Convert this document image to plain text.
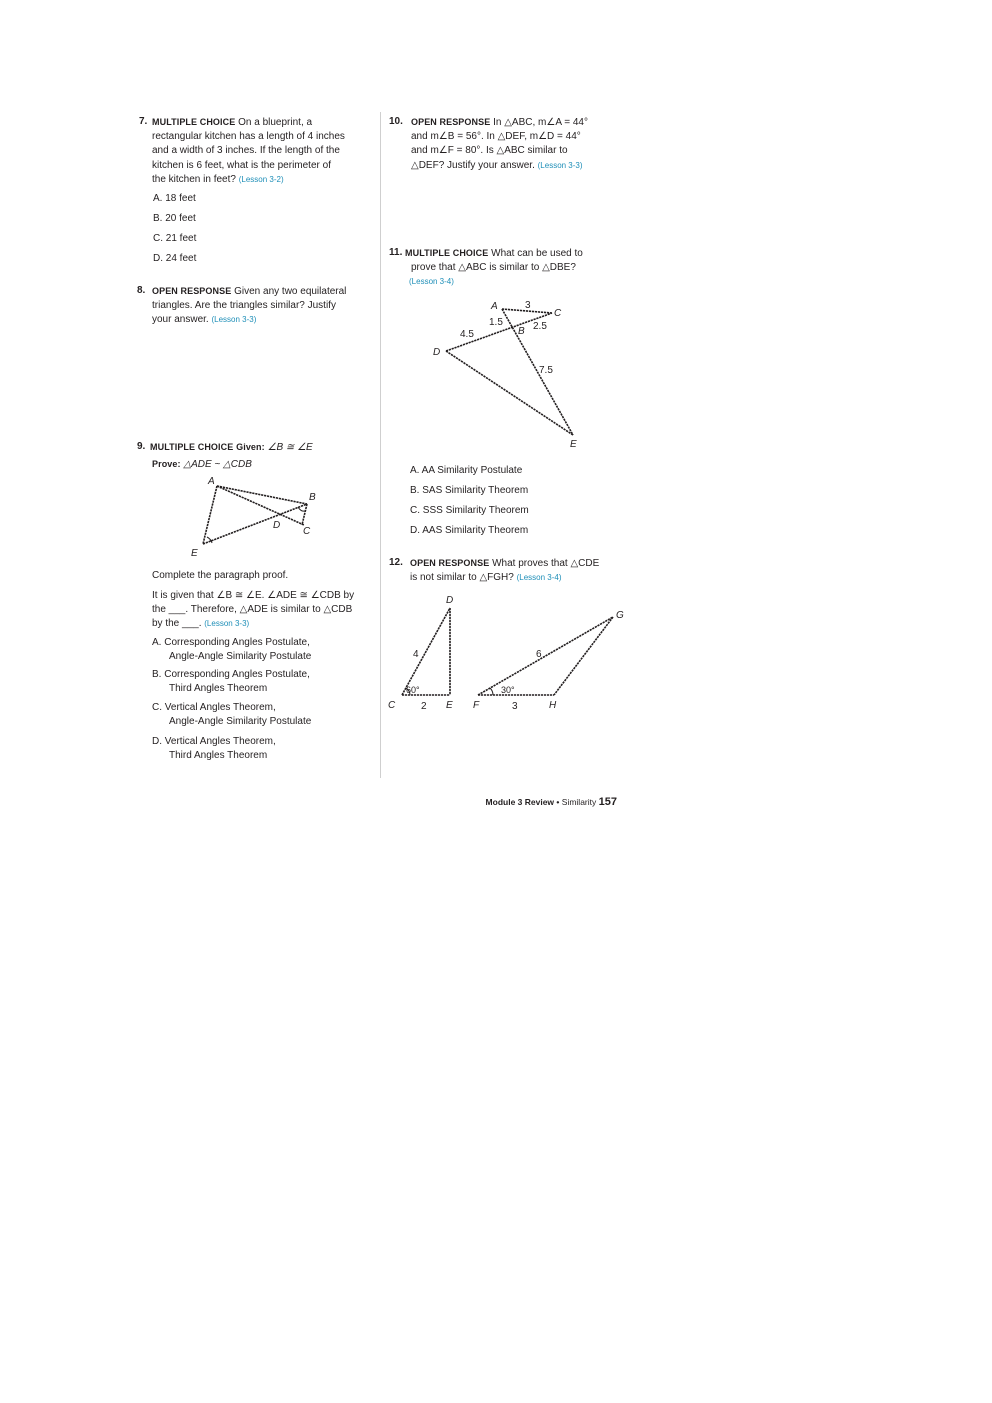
7. MULTIPLE CHOICE On a blueprint, a
rectangular kitchen has a length of 4 inches
and a width of 3 inches. If the length of the
kitchen is 6 feet, what is the perimeter of
the kitchen in feet? (Lesson 3-2)
A. 18 feet
B. 20 feet
C. 21 feet
D. 24 feet
8. OPEN RESPONSE Given any two equilateral
triangles. Are the triangles similar? Justify
your answer. (Lesson 3-3)
9. MULTIPLE CHOICE Given: ∠B ≅ ∠E
Prove: △ADE ~ △CDB
A
B
D
C
E
Complete the paragraph proof.
It is given that ∠B ≅ ∠E. ∠ADE ≅ ∠CDB by
the ___. Therefore, △ADE is similar to △CDB
by the ___. (Lesson 3-3)
A. Corresponding Angles Postulate,
Angle-Angle Similarity Postulate
B. Corresponding Angles Postulate,
Third Angles Theorem
C. Vertical Angles Theorem,
Angle-Angle Similarity Postulate
D. Vertical Angles Theorem,
Third Angles Theorem
10. OPEN RESPONSE In △ABC, m∠A = 44°
and m∠B = 56°. In △DEF, m∠D = 44°
and m∠F = 80°. Is △ABC similar to
△DEF? Justify your answer. (Lesson 3-3)
11. MULTIPLE CHOICE What can be used to
prove that △ABC is similar to △DBE?
(Lesson 3-4)
A	3
C
1.5
B 2.5
4.5
D
7.5
E
A. AA Similarity Postulate
B. SAS Similarity Theorem
C. SSS Similarity Theorem
D. AAS Similarity Theorem
12. OPEN RESPONSE What proves that △CDE
is not similar to △FGH? (Lesson 3-4)
D
4
60°
C	2 E
G
6
30°
F	3	H
Module 3 Review • Similarity 157
